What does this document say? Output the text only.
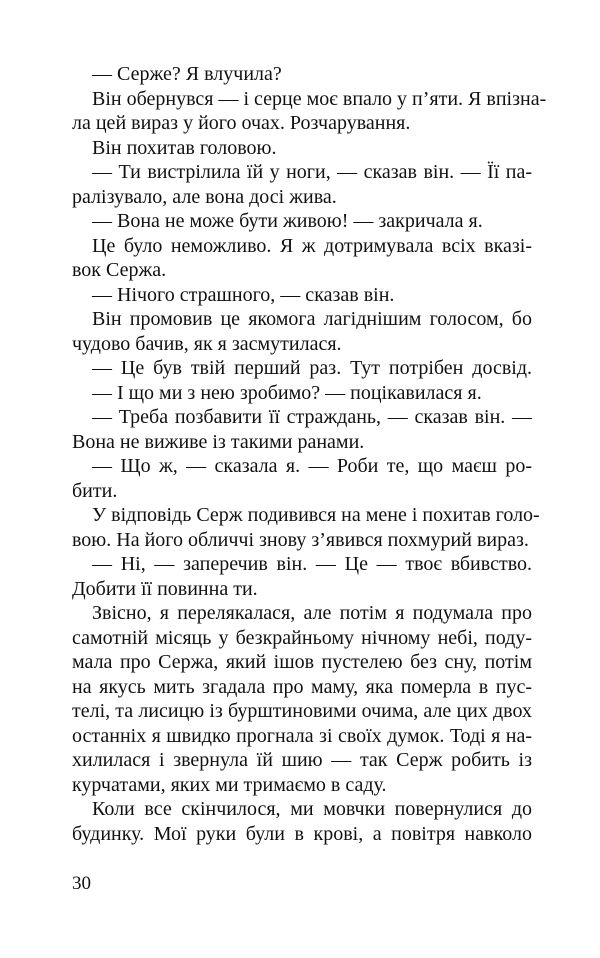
— Серже? Я влучила?
Він обернувся — і серце моє впало у п’яти. Я впізна-
ла цей вираз у його очах. Розчарування.
Він похитав головою.
— Ти вистрілила їй у ноги, — сказав він. — Її па-
ралізувало, але вона досі жива.
— Вона не може бути живою! — закричала я.
Це було неможливо. Я ж дотримувала всіх вказі-
вок Сержа.
— Нічого страшного, — сказав він.
Він промовив це якомога лагіднішим голосом, бо
чудово бачив, як я засмутилася.
— Це був твій перший раз. Тут потрібен досвід.
— І що ми з нею зробимо? — поцікавилася я.
— Треба позбавити її страждань, — сказав він. —
Вона не виживе із такими ранами.
— Що ж, — сказала я. — Роби те, що маєш ро-
бити.
У відповідь Серж подивився на мене і похитав голо-
вою. На його обличчі знову з’явився похмурий вираз.
— Ні, — заперечив він. — Це — твоє вбивство.
Добити її повинна ти.
Звісно, я перелякалася, але потім я подумала про
самотній місяць у безкрайньому нічному небі, поду-
мала про Сержа, який ішов пустелею без сну, потім
на якусь мить згадала про маму, яка померла в пус-
телі, та лисицю із бурштиновими очима, але цих двох
останніх я швидко прогнала зі своїх думок. Тоді я на-
хилилася і звернула їй шию — так Серж робить із
курчатами, яких ми тримаємо в саду.
Коли все скінчилося, ми мовчки повернулися до
будинку. Мої руки були в крові, а повітря навколо
30
